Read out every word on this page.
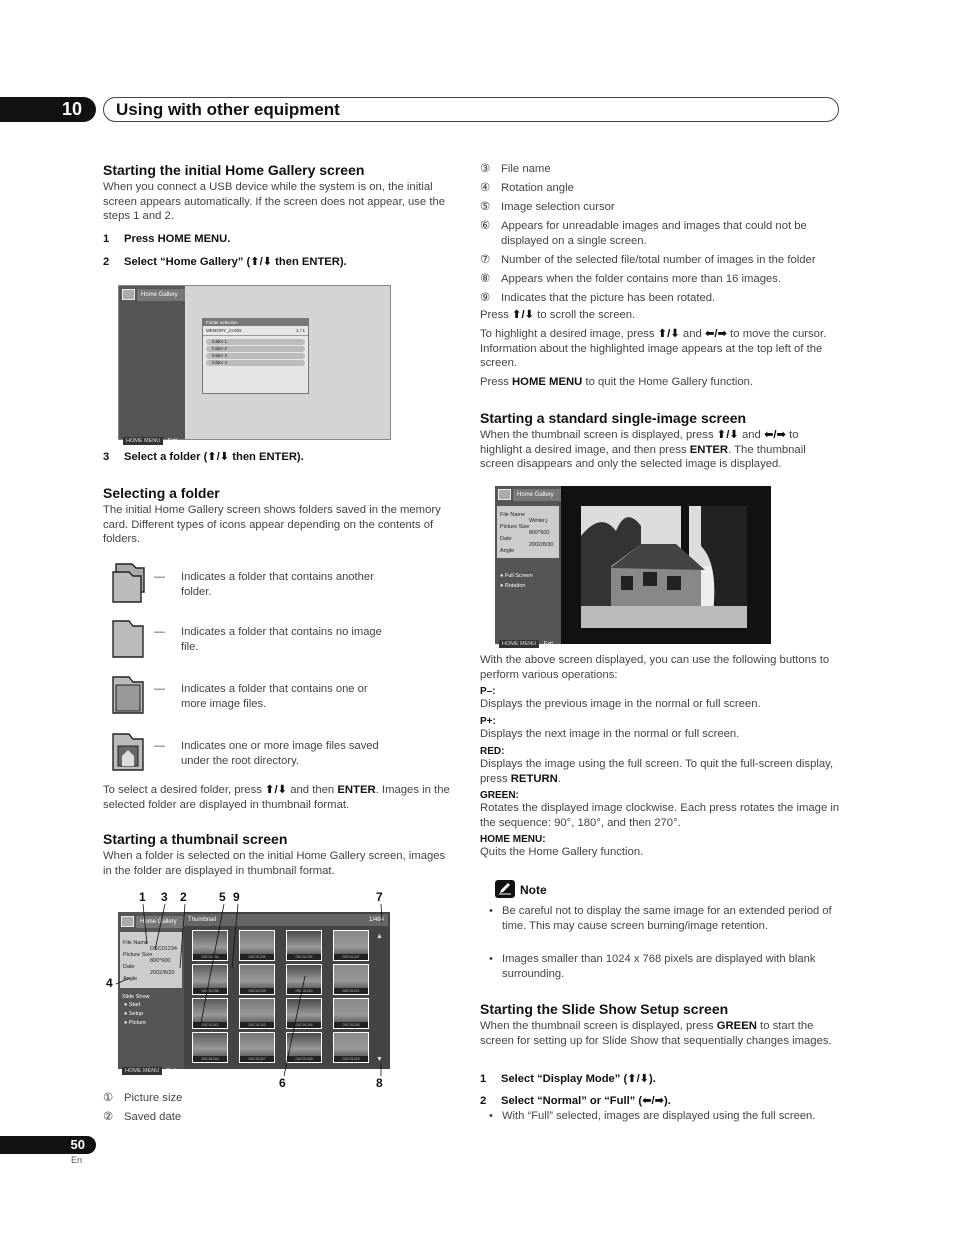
10	Using with other equipment
Starting the initial Home Gallery screen

When you connect a USB device while the system is on, the initial screen appears automatically. If the screen does not appear, use the steps 1 and 2.

1 Press HOME MENU.
2 Select “Home Gallery” (⬆/⬇ then ENTER).
Home Gallery
Folder selection
MEMORY_CARD	1 / 1
folder 1
folder 2
folder 3
folder 4
HOME MENU Exit
3 Select a folder (⬆/⬇ then ENTER).
Selecting a folder

The initial Home Gallery screen shows folders saved in the memory card. Different types of icons appear depending on the contents of folders.

— Indicates a folder that contains another folder.

— Indicates a folder that contains no image file.

— Indicates a folder that contains one or more image files.

— Indicates one or more image files saved under the root directory.

To select a desired folder, press ⬆/⬇ and then ENTER. Images in the selected folder are displayed in thumbnail format.

Starting a thumbnail screen

When a folder is selected on the initial Home Gallery screen, images in the folder are displayed in thumbnail format.

Home Gallery
File Name
DSC01234
Picture Size
800*600
Date
2002/8/20
Angle
Slide Show
● Start
● Setup
● Picture
HOME MENU Exit
Thumbnail	1/484
DSC01234	DSC01235	DSC01236	DSC01237
DSC01238	DSC01239	DSC01240	DSC01241
DSC01242	DSC01243	DSC01244	DSC01245
DSC01246	DSC01247	DSC01248	DSC01249
▲
▼
1 3 2	5 9	7
4
6	8
① Picture size
② Saved date
③ File name
④ Rotation angle
⑤ Image selection cursor
⑥ Appears for unreadable images and images that could not be displayed on a single screen.
⑦ Number of the selected file/total number of images in the folder
⑧ Appears when the folder contains more than 16 images.
⑨ Indicates that the picture has been rotated.

Press ⬆/⬇ to scroll the screen.

To highlight a desired image, press ⬆/⬇ and ⬅/➡ to move the cursor. Information about the highlighted image appears at the top left of the screen.

Press HOME MENU to quit the Home Gallery function.

Starting a standard single-image screen

When the thumbnail screen is displayed, press ⬆/⬇ and ⬅/➡ to highlight a desired image, and then press ENTER. The thumbnail screen disappears and only the selected image is displayed.

Home Gallery
File Name
Winter.j
Picture Size
800*600
Date
2002/8/30
Angle
● Full Screen
● Rotation
HOME MENU Exit

With the above screen displayed, you can use the following buttons to perform various operations:

P–:

Displays the previous image in the normal or full screen.

P+:

Displays the next image in the normal or full screen.

RED:

Displays the image using the full screen. To quit the full-screen display, press RETURN.

GREEN:

Rotates the displayed image clockwise. Each press rotates the image in the sequence: 90°, 180°, and then 270°.

HOME MENU:

Quits the Home Gallery function.

Note
• Be careful not to display the same image for an extended period of time. This may cause screen burning/image retention.
• Images smaller than 1024 x 768 pixels are displayed with blank surrounding.
Starting the Slide Show Setup screen

When the thumbnail screen is displayed, press GREEN to start the screen for setting up for Slide Show that sequentially changes images.

1 Select “Display Mode” (⬆/⬇).
2 Select “Normal” or “Full” (⬅/➡).
• With “Full” selected, images are displayed using the full screen.
50
En
